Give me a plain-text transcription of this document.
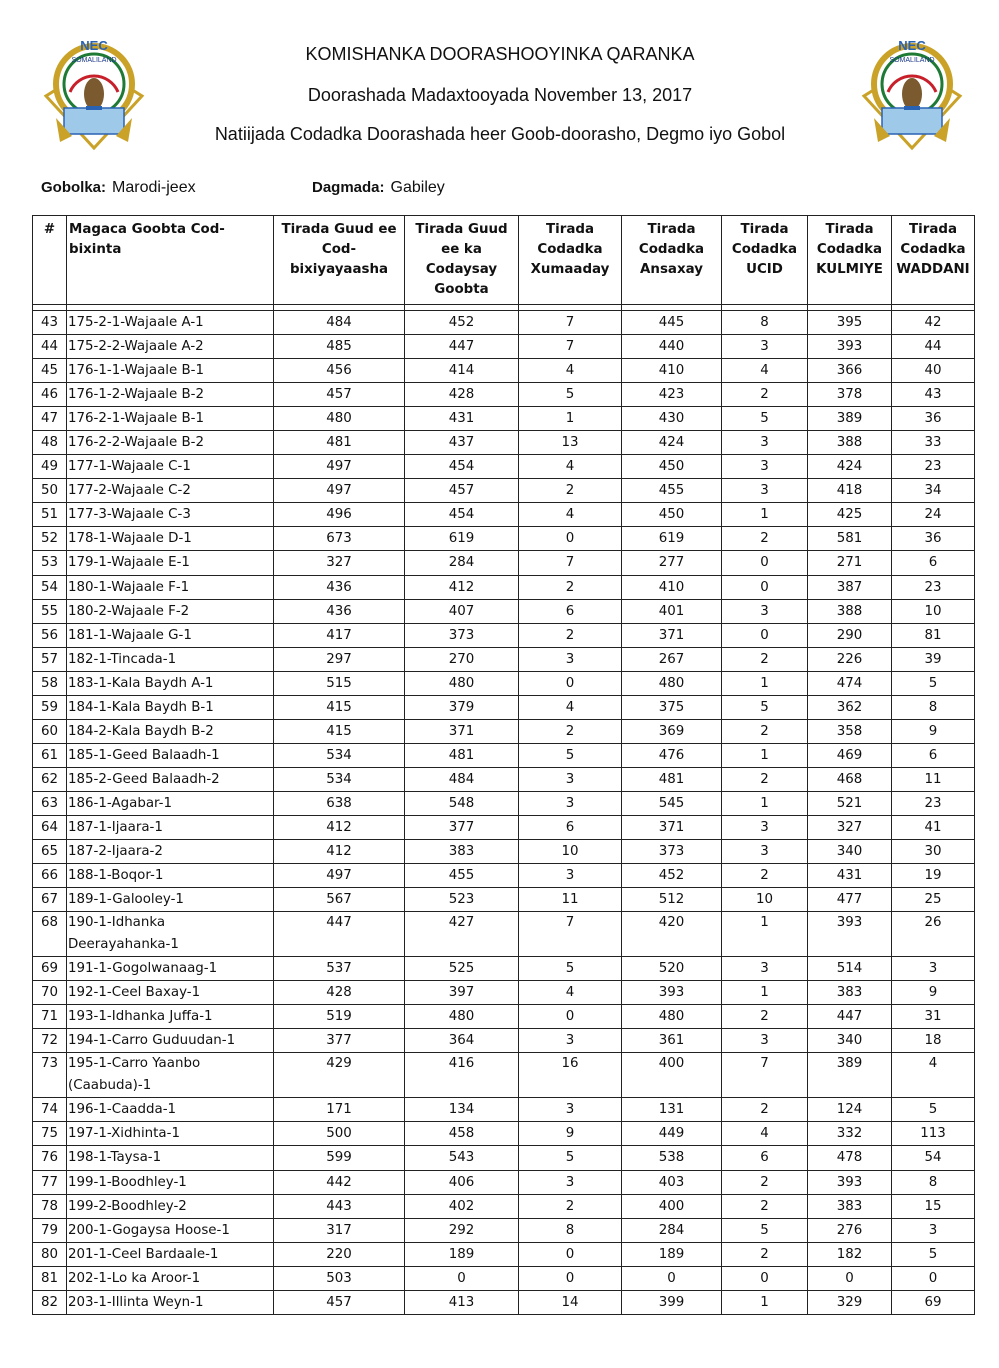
NEC
SOMALILAND
NEC
SOMALILAND
KOMISHANKA DOORASHOOYINKA QARANKA
Doorashada Madaxtooyada November 13, 2017
Natiijada Codadka Doorashada heer Goob-doorasho, Degmo iyo Gobol
Gobolka: Marodi-jeex	Dagmada: Gabiley
#	Magaca Goobta Cod-bixinta	Tirada Guud ee Cod-bixiyayaasha	Tirada Guud ee ka Codaysay Goobta	Tirada Codadka Xumaaday	Tirada Codadka Ansaxay	Tirada Codadka UCID	Tirada Codadka KULMIYE	Tirada Codadka WADDANI

43	175-2-1-Wajaale A-1	484	452	7	445	8	395	42
44	175-2-2-Wajaale A-2	485	447	7	440	3	393	44
45	176-1-1-Wajaale B-1	456	414	4	410	4	366	40
46	176-1-2-Wajaale B-2	457	428	5	423	2	378	43
47	176-2-1-Wajaale B-1	480	431	1	430	5	389	36
48	176-2-2-Wajaale B-2	481	437	13	424	3	388	33
49	177-1-Wajaale C-1	497	454	4	450	3	424	23
50	177-2-Wajaale C-2	497	457	2	455	3	418	34
51	177-3-Wajaale C-3	496	454	4	450	1	425	24
52	178-1-Wajaale D-1	673	619	0	619	2	581	36
53	179-1-Wajaale E-1	327	284	7	277	0	271	6
54	180-1-Wajaale F-1	436	412	2	410	0	387	23
55	180-2-Wajaale F-2	436	407	6	401	3	388	10
56	181-1-Wajaale G-1	417	373	2	371	0	290	81
57	182-1-Tincada-1	297	270	3	267	2	226	39
58	183-1-Kala Baydh A-1	515	480	0	480	1	474	5
59	184-1-Kala Baydh B-1	415	379	4	375	5	362	8
60	184-2-Kala Baydh B-2	415	371	2	369	2	358	9
61	185-1-Geed Balaadh-1	534	481	5	476	1	469	6
62	185-2-Geed Balaadh-2	534	484	3	481	2	468	11
63	186-1-Agabar-1	638	548	3	545	1	521	23
64	187-1-Ijaara-1	412	377	6	371	3	327	41
65	187-2-Ijaara-2	412	383	10	373	3	340	30
66	188-1-Boqor-1	497	455	3	452	2	431	19
67	189-1-Galooley-1	567	523	11	512	10	477	25
68	190-1-Idhanka Deerayahanka-1	447	427	7	420	1	393	26
69	191-1-Gogolwanaag-1	537	525	5	520	3	514	3
70	192-1-Ceel Baxay-1	428	397	4	393	1	383	9
71	193-1-Idhanka Juffa-1	519	480	0	480	2	447	31
72	194-1-Carro Guduudan-1	377	364	3	361	3	340	18
73	195-1-Carro Yaanbo (Caabuda)-1	429	416	16	400	7	389	4
74	196-1-Caadda-1	171	134	3	131	2	124	5
75	197-1-Xidhinta-1	500	458	9	449	4	332	113
76	198-1-Taysa-1	599	543	5	538	6	478	54
77	199-1-Boodhley-1	442	406	3	403	2	393	8
78	199-2-Boodhley-2	443	402	2	400	2	383	15
79	200-1-Gogaysa Hoose-1	317	292	8	284	5	276	3
80	201-1-Ceel Bardaale-1	220	189	0	189	2	182	5
81	202-1-Lo ka Aroor-1	503	0	0	0	0	0	0
82	203-1-Illinta Weyn-1	457	413	14	399	1	329	69
